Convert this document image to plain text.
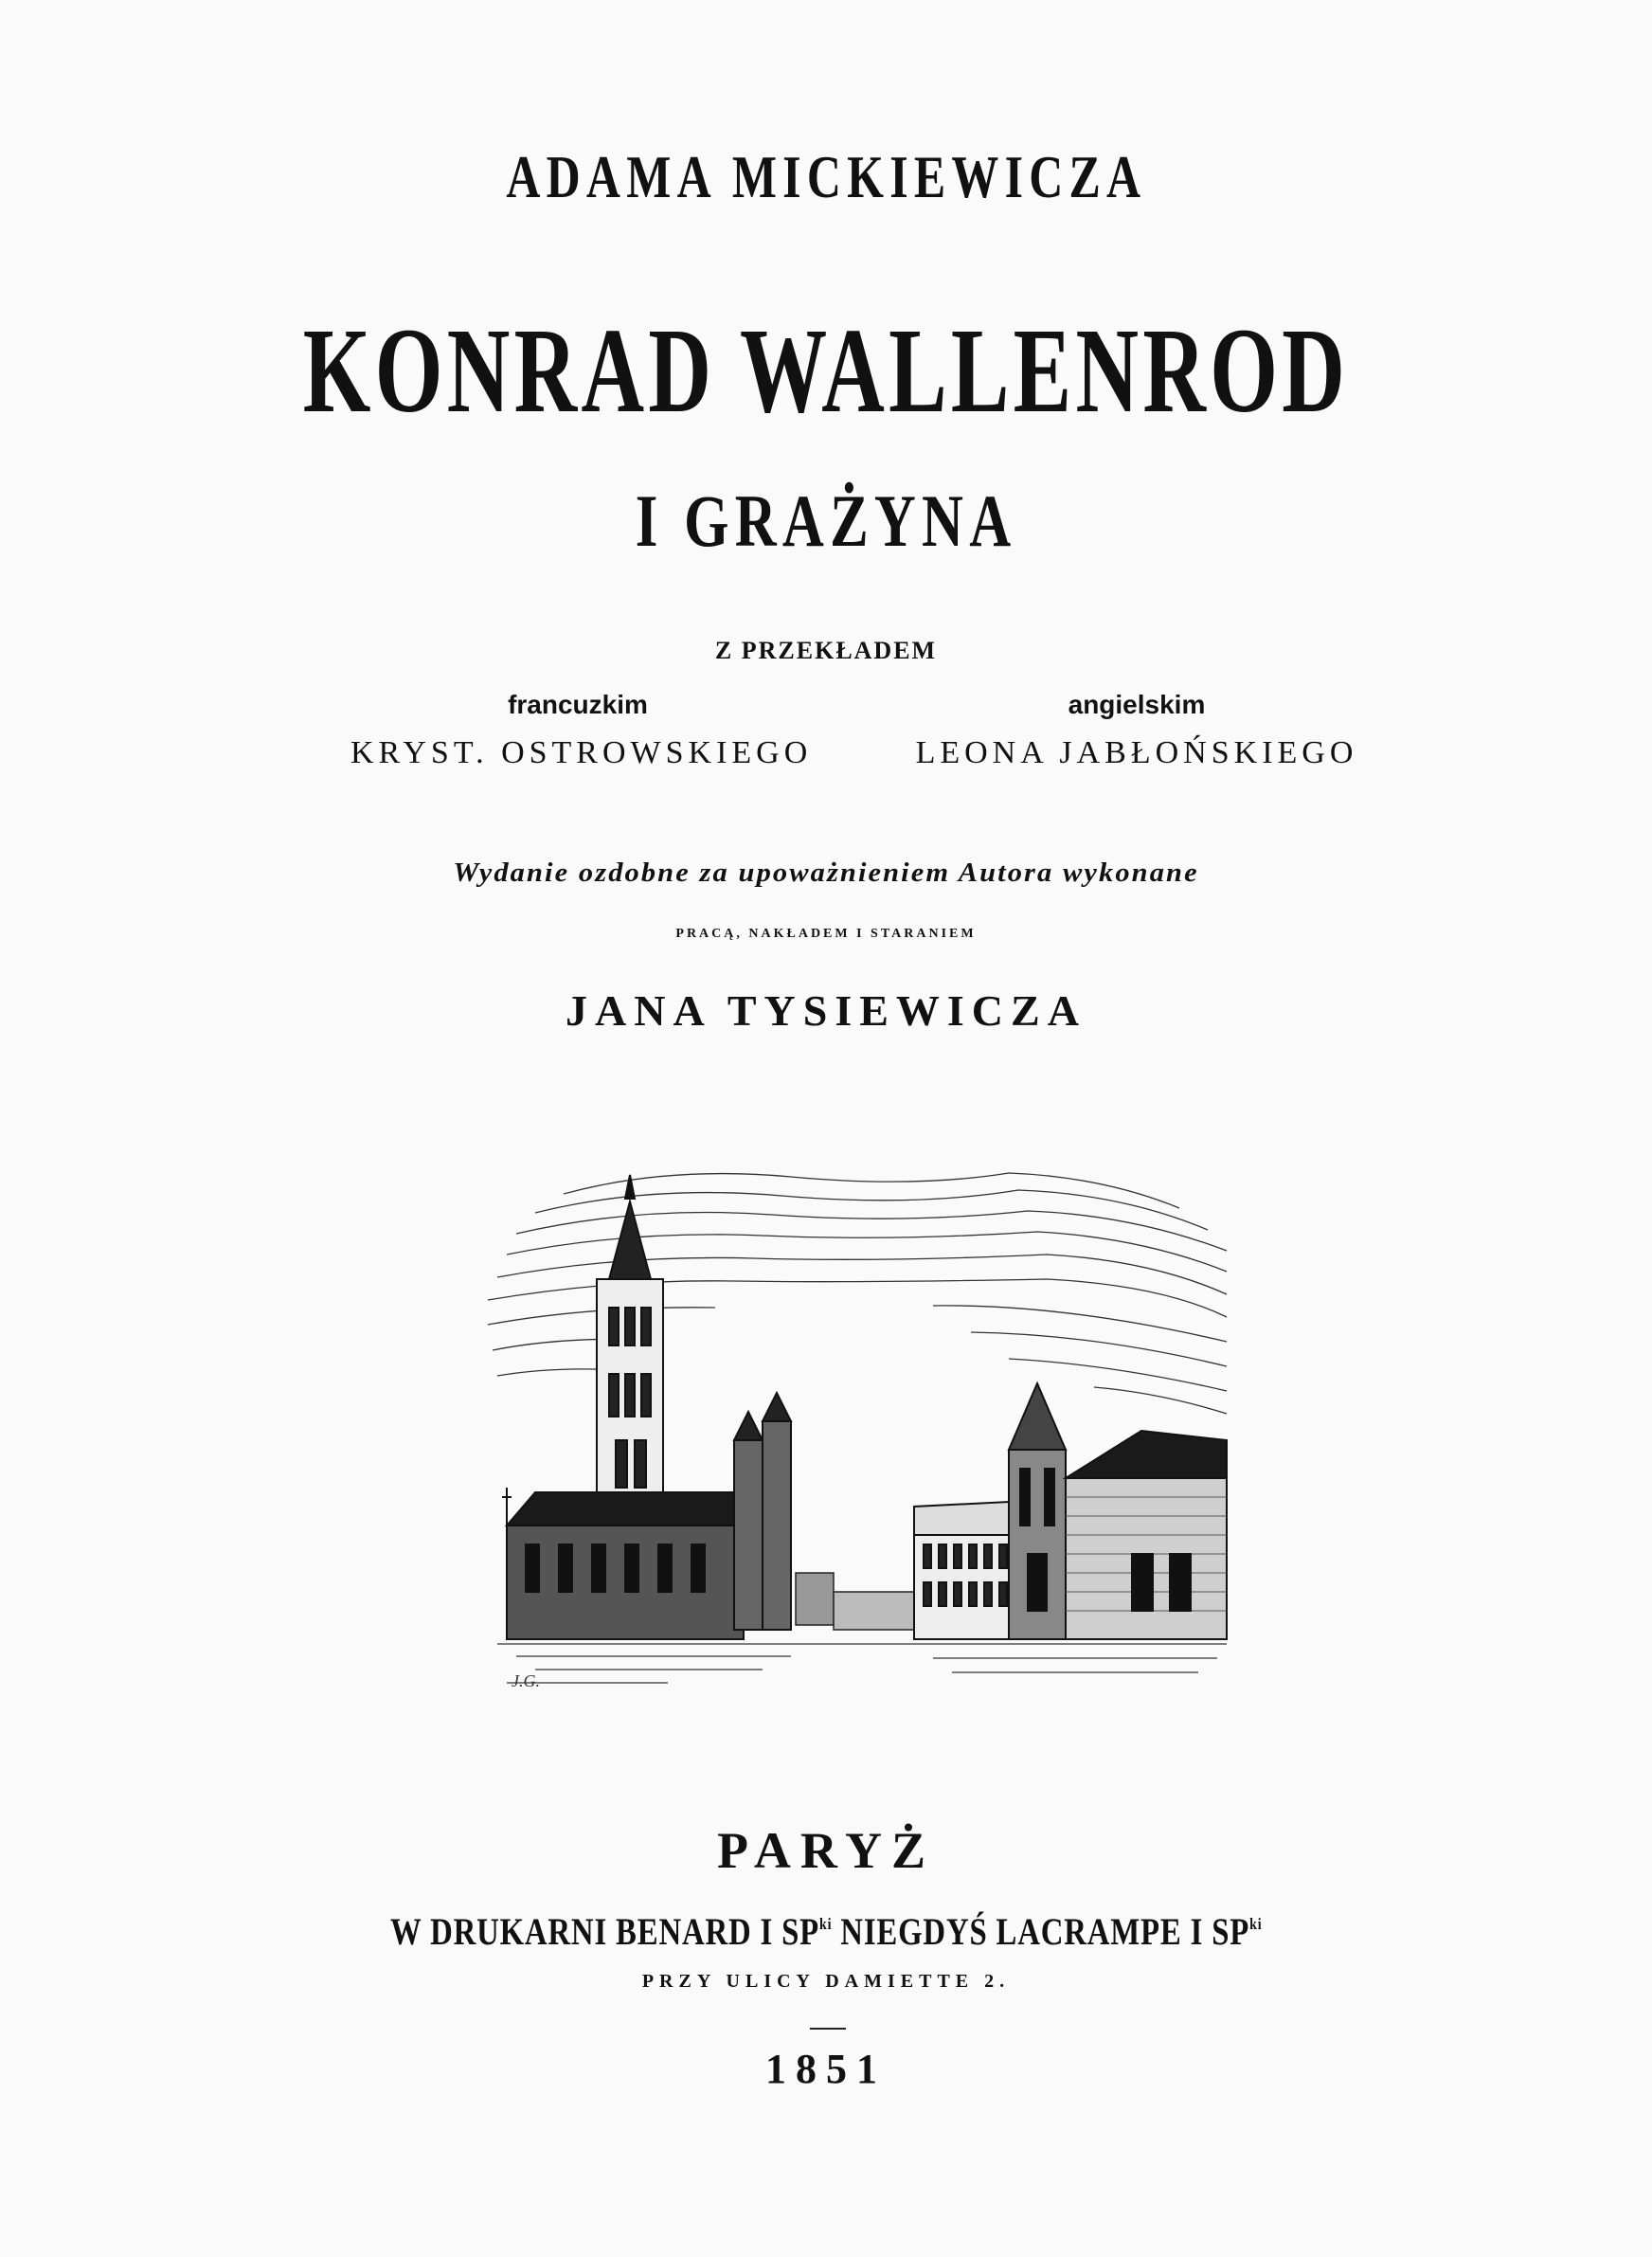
ADAMA MICKIEWICZA
KONRAD WALLENROD
I GRAŻYNA
Z PRZEKŁADEM
francuzkim	angielskim
KRYST. OSTROWSKIEGO	LEONA JABŁOŃSKIEGO
Wydanie ozdobne za upoważnieniem Autora wykonane
PRACĄ, NAKŁADEM I STARANIEM
JANA TYSIEWICZA
J.G.
PARYŻ
W DRUKARNI BENARD I $SP^{ki}$ NIEGDYŚ LACRAMPE I $SP^{ki}$
PRZY ULICY DAMIETTE 2.
1851
